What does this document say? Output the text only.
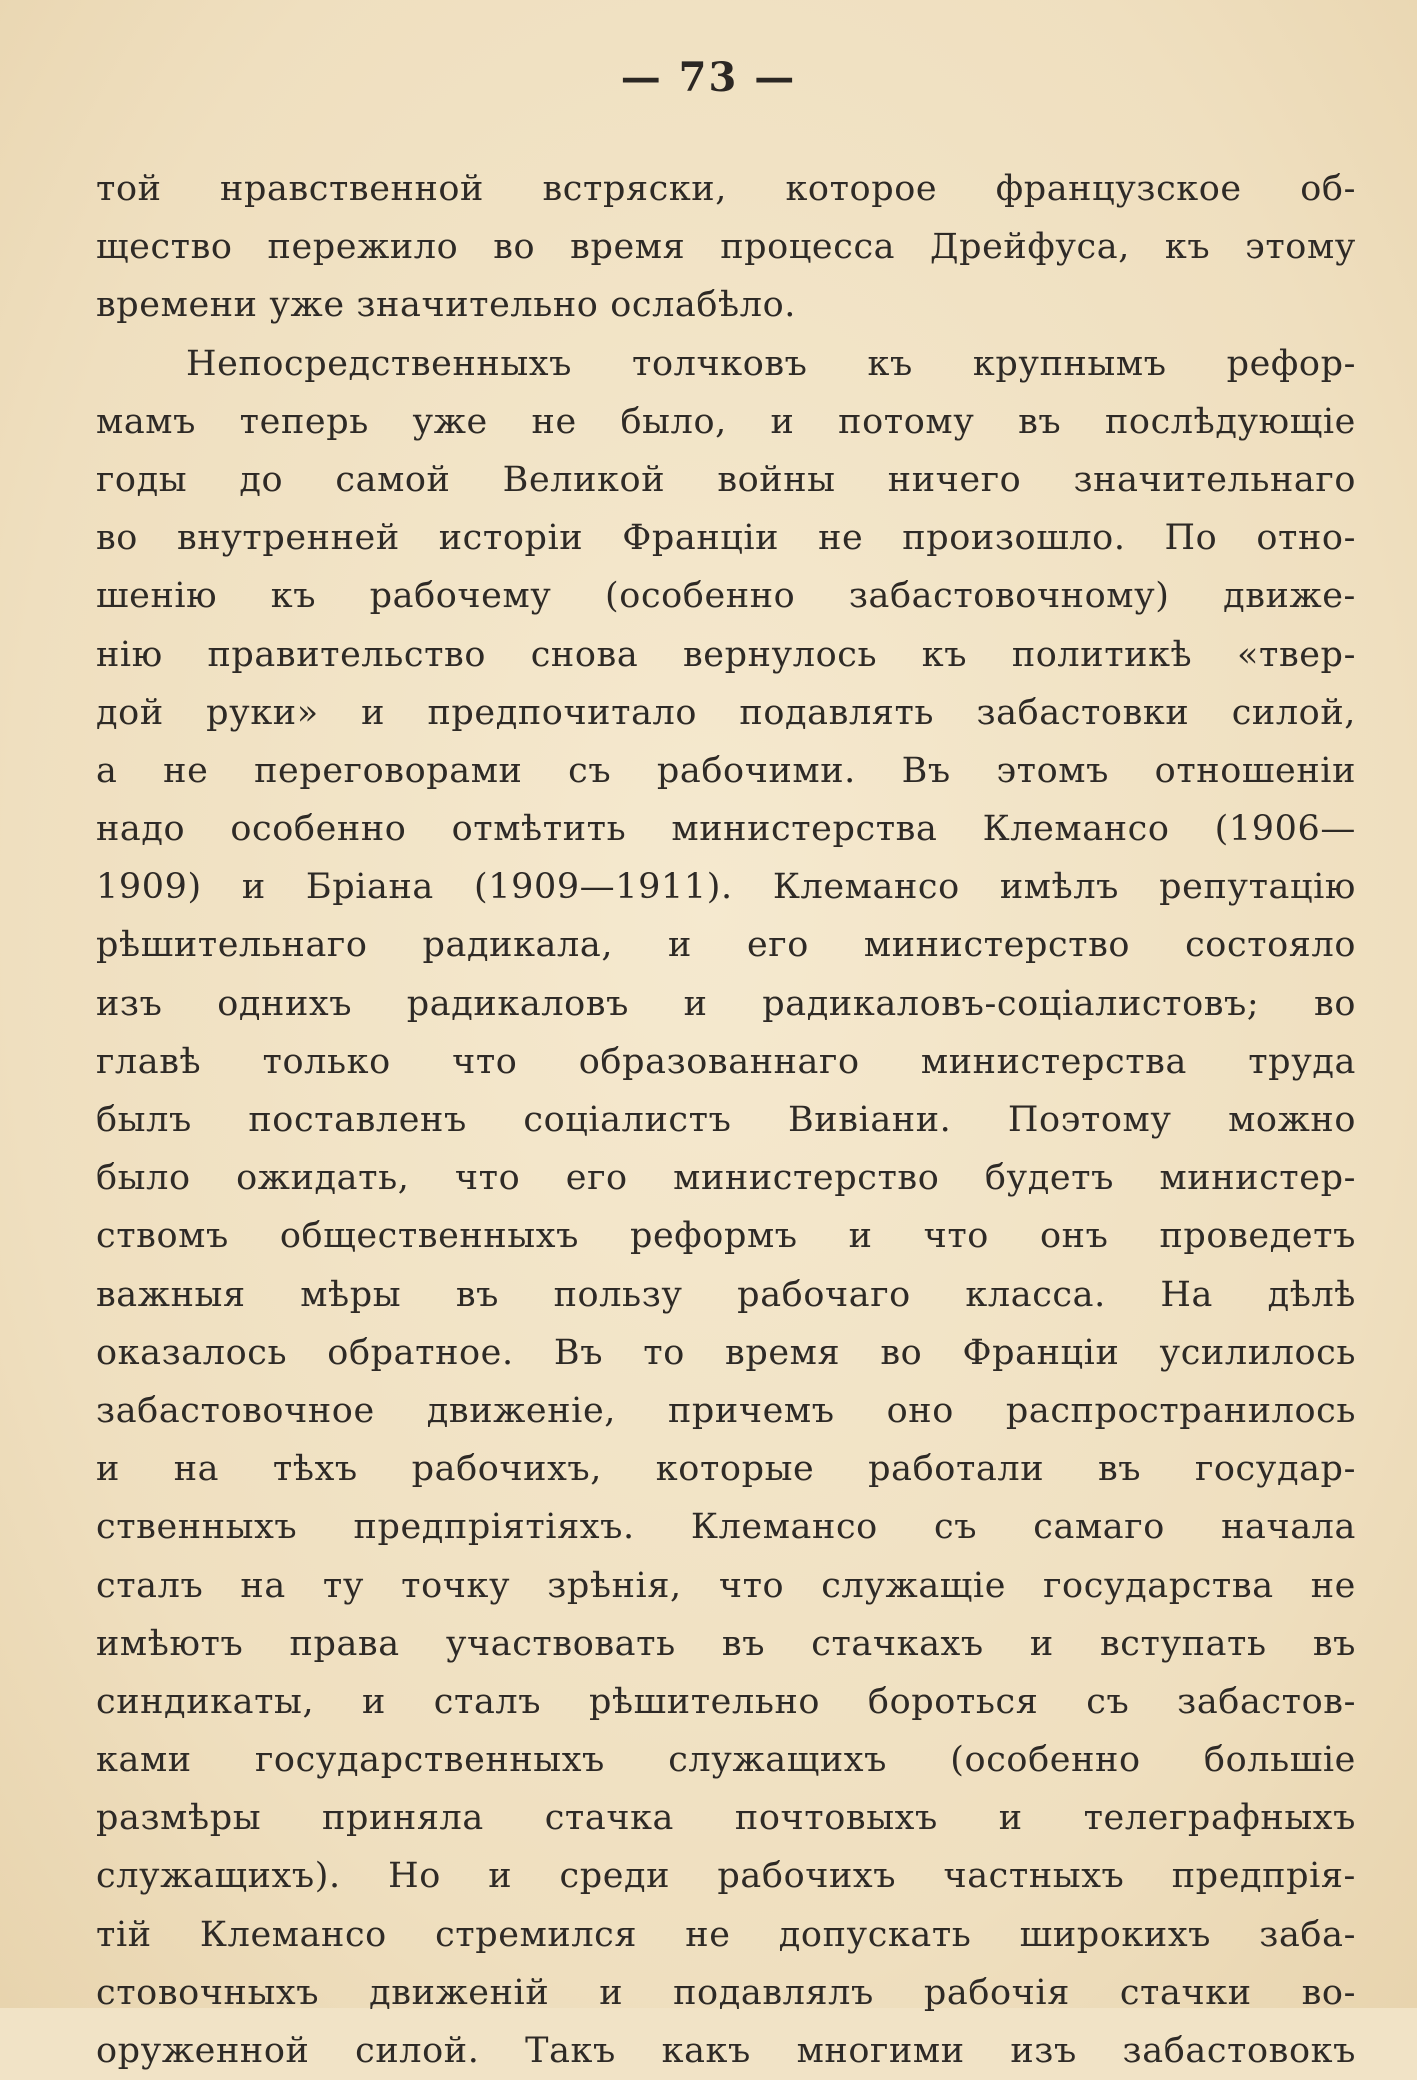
— 73 —
той нравственной встряски, которое французское об-
щество пережило во время процесса Дрейфуса, къ этому
времени уже значительно ослабѣло.
Непосредственныхъ толчковъ къ крупнымъ рефор-
мамъ теперь уже не было, и потому въ послѣдующіе
годы до самой Великой войны ничего значительнаго
во внутренней исторіи Франціи не произошло. По отно-
шенію къ рабочему (особенно забастовочному) движе-
нію правительство снова вернулось къ политикѣ «твер-
дой руки» и предпочитало подавлять забастовки силой,
а не переговорами съ рабочими. Въ этомъ отношеніи
надо особенно отмѣтить министерства Клемансо (1906—
1909) и Бріана (1909—1911). Клемансо имѣлъ репутацію
рѣшительнаго радикала, и его министерство состояло
изъ однихъ радикаловъ и радикаловъ-соціалистовъ; во
главѣ только что образованнаго министерства труда
былъ поставленъ соціалистъ Вивіани. Поэтому можно
было ожидать, что его министерство будетъ министер-
ствомъ общественныхъ реформъ и что онъ проведетъ
важныя мѣры въ пользу рабочаго класса. На дѣлѣ
оказалось обратное. Въ то время во Франціи усилилось
забастовочное движеніе, причемъ оно распространилось
и на тѣхъ рабочихъ, которые работали въ государ-
ственныхъ предпріятіяхъ. Клемансо съ самаго начала
сталъ на ту точку зрѣнія, что служащіе государства не
имѣютъ права участвовать въ стачкахъ и вступать въ
синдикаты, и сталъ рѣшительно бороться съ забастов-
ками государственныхъ служащихъ (особенно большіе
размѣры приняла стачка почтовыхъ и телеграфныхъ
служащихъ). Но и среди рабочихъ частныхъ предпрія-
тій Клемансо стремился не допускать широкихъ заба-
стовочныхъ движеній и подавлялъ рабочія стачки во-
оруженной силой. Такъ какъ многими изъ забастовокъ
